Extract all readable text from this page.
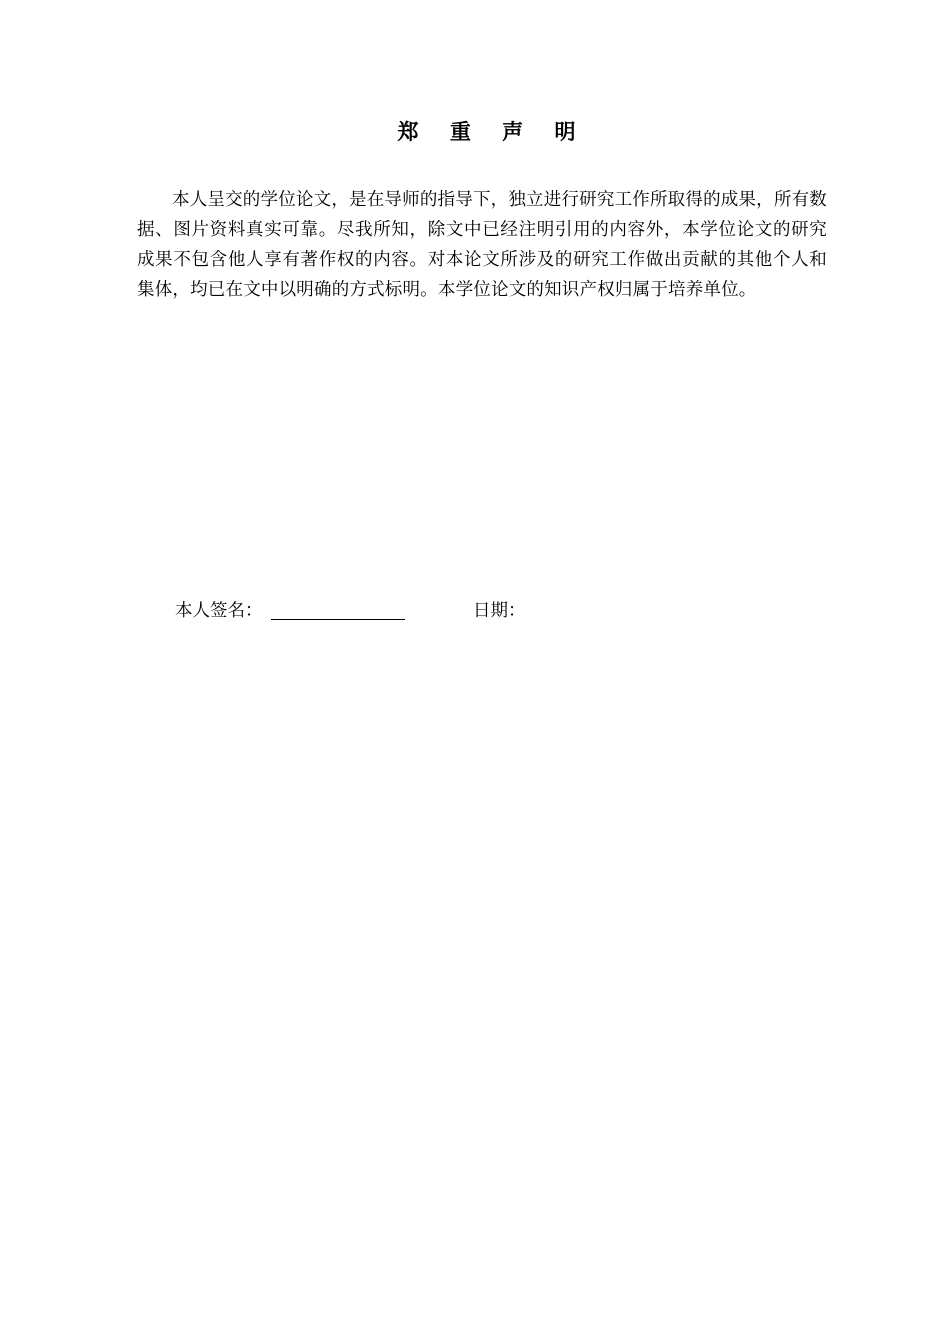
郑 重 声 明

本人呈交的学位论文，是在导师的指导下，独立进行研究工作所取得的成果，所有数据、图片资料真实可靠。尽我所知，除文中已经注明引用的内容外，本学位论文的研究成果不包含他人享有著作权的内容。对本论文所涉及的研究工作做出贡献的其他个人和集体，均已在文中以明确的方式标明。本学位论文的知识产权归属于培养单位。

本人签名：	日期：
